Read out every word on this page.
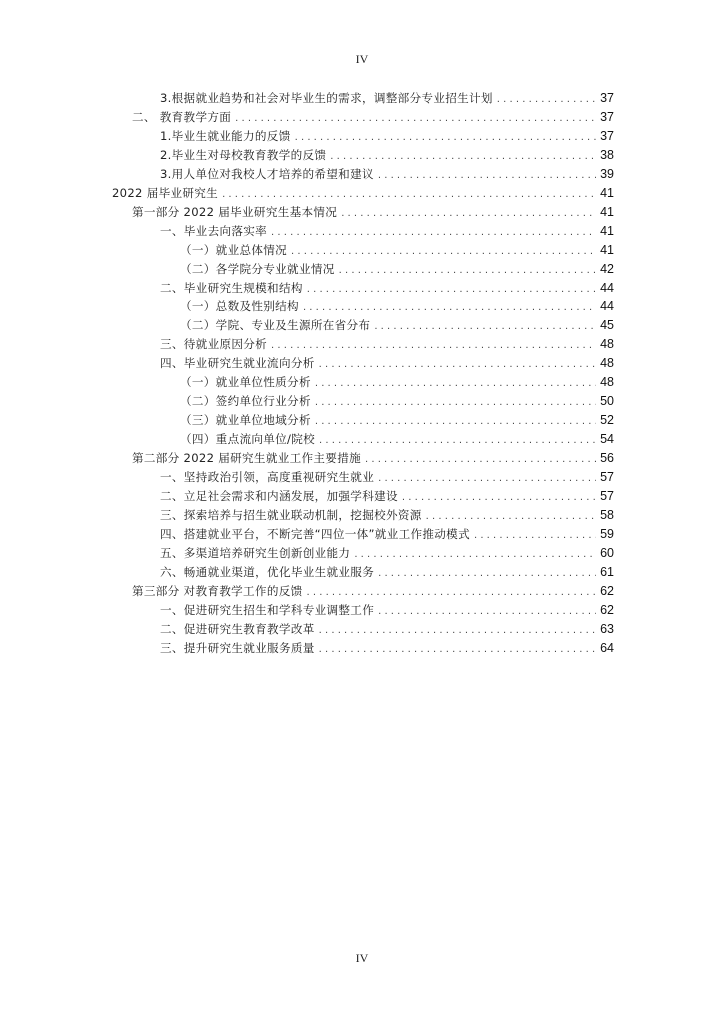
IV
3.根据就业趋势和社会对毕业生的需求，调整部分专业招生计划 . . .	37
二、 教育教学方面 . . .	37
1.毕业生就业能力的反馈 . . .	37
2.毕业生对母校教育教学的反馈 . . .	38
3.用人单位对我校人才培养的希望和建议 . . .	39
2022 届毕业研究生 . . .	41
第一部分 2022 届毕业研究生基本情况 . . .	41
一、毕业去向落实率 . . .	41
（一）就业总体情况 . . .	41
（二）各学院分专业就业情况 . . .	42
二、毕业研究生规模和结构 . . .	44
（一）总数及性别结构 . . .	44
（二）学院、专业及生源所在省分布 . . .	45
三、待就业原因分析 . . .	48
四、毕业研究生就业流向分析 . . .	48
（一）就业单位性质分析 . . .	48
（二）签约单位行业分析 . . .	50
（三）就业单位地域分析 . . .	52
（四）重点流向单位/院校 . . .	54
第二部分 2022 届研究生就业工作主要措施 . . .	56
一、坚持政治引领，高度重视研究生就业 . . .	57
二、立足社会需求和内涵发展，加强学科建设 . . .	57
三、探索培养与招生就业联动机制，挖掘校外资源 . . .	58
四、搭建就业平台，不断完善“四位一体”就业工作推动模式 . . .	59
五、多渠道培养研究生创新创业能力 . . .	60
六、畅通就业渠道，优化毕业生就业服务 . . .	61
第三部分 对教育教学工作的反馈 . . .	62
一、促进研究生招生和学科专业调整工作 . . .	62
二、促进研究生教育教学改革 . . .	63
三、提升研究生就业服务质量 . . .	64
IV
